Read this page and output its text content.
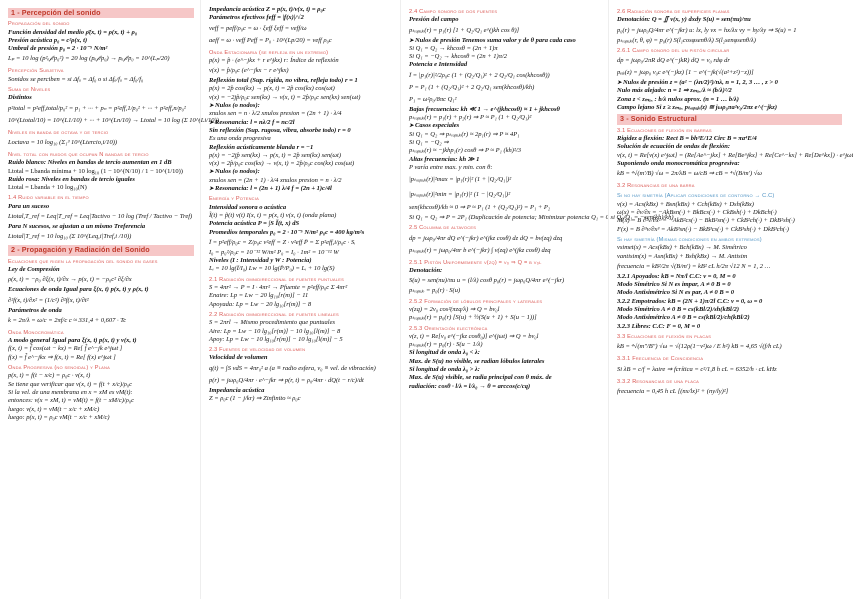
1 - Percepción del sonido
Propagación del sonido
Función densidad del medio ρ̄(x, t) = ρ(x, t) + ρ₀
Presión acústica p₀ = c²ρ(x, t)
Umbral de presión p₀ = 2 · 10⁻⁵ N/m²
Lₚ = 10 log (p²ₑ𝒻/p₀²) = 20 log (pₑ𝒻/p₀) → pₑ𝒻/p₀ = 10^(Lₚ/20)
Percepción Subjetiva
Sonidos se perciben = si Δfₐ = Δf₀ o si Δfₐ/fₐ = Δf₀/f₀
Suma de Niveles
Distintos
p²total = p²eff,total/p₀² = p₁ + ··· + pₙ = p²eff,1/p₀² + ··· + p²eff,n/p₀²
10^(Ltotal/10) = 10^(L1/10) + ··· + 10^(Ln/10) → Ltotal = 10 log (Σ 10^(Li/10))
Niveles en banda de octava y de tercio
Loctava = 10 log₁₀ (Σ₁³ 10^(Ltercio,i/10))
Nivel total con ruidos que ocupan N bandas de tercio
Ruido blanco: Niveles en bandas de tercio aumentan en 1 dB
Ltotal = Lbanda mínima + 10 log₁₀ (1 − 10^(N/10) / 1 − 10^(1/10))
Ruido rosa: Niveles en bandas de tercio iguales
Ltotal = Lbanda + 10 log₁₀(N)
1.4 Ruido variable en el tiempo
Para un suceso
Ltotal,T_ref = Leq|T_ref = Leq|Tactivo − 10 log (Tref / Tactivo − Tref)
Para N sucesos, se ajustan a un mismo Treferencia
Ltotal|T_ref = 10 log₁₀ (Σ 10^(Leq,i|Tref,i /10))
2 - Propagación y Radiación del Sonido
Ecuaciones que rigen la propagación del sonido en gases
Ley de Compresión
ρ(x, t) = −ρ₀ ∂ξ(x, t)/∂x → p(x, t) = −ρ₀c² ∂ξ/∂x
Ecuaciones de onda Igual para ξ(x, t) p(x, t) y ρ(x, t)
∂²f(x, t)/∂x² = (1/c²) ∂²f(x, t)/∂t²
Parámetros de onda
k = 2π/λ = ω/c = 2πf/c c ≈ 331,4 + 0,607 · Tc
Onda Monocromática
A modo general Igual para ξ(x, t) p(x, t) y v(x, t)
f(x, t) = f̂ cos(ωt − kx) = Re[ f̂ e^−jk e^jωt ]
f(x) = f̂ e^−jkx ⇒ f(x, t) = Re[ f(x) e^jωt ]
Onda Progresiva (no senoidal) y Plana
p(x, t) = f(t − x/c) = ρ₀c · v(x, t)
Se tiene que verificar que v(x, t) = f(t + x/c)/ρ₀c
Si la vel. de una membrana en x = xM es vM(t):
entonces: v(x = xM, t) = vM(t) = f(t − xM/c)/ρ₀c
luego: v(x, t) = vM(t − x/c + xM/c)
luego: p(x, t) = ρ₀c vM(t − x/c + xM/c)
Impedancia acústica Z = p(x, t)/v(x, t) = ρ₀c
Parámetros efectivos feff = |f(x)|/√2
veff = peff/ρ₀c = ω · ξeff ξeff = veff/ω
aeff = ω · veff Peff = P₀ · 10^(Lp/20) = veff ρ₀c
Onda Estacionaria (se refleja en un extremo)
p(x) = p̂ · (e^−jkx + r e^jkx) r: Índice de reflexión
v(x) = p̂/ρ₀c (e^−jkx − r e^jkx)
Reflexión total (Sup. rígida, no vibra, refleja todo) r = 1
p(x) = 2p̂ cos(kx) → p(x, t) = 2p̂ cos(kx) cos(ωt)
v(x) = −2jp̂/ρ₀c sen(kx) → v(x, t) = 2p̂/ρ₀c sen(kx) sen(ωt)
➤ Nulos (o nodos):
xnulos sen = n · λ/2 xnulos presion = (2n + 1) · λ/4
➤ Resonancia: l = nλ/2 f = nc/2l
Sin reflexión (Sup. rugosa, vibra, absorbe todo) r = 0
Es una onda progresiva
Reflexión acústicamente blanda r = −1
p(x) = −2jp̂ sen(kx) → p(x, t) = 2p̂ sen(kx) sen(ωt)
v(x) = 2p̂/ρ₀c cos(kx) → v(x, t) = 2p̂/ρ₀c cos(kx) cos(ωt)
➤ Nulos (o nodos):
xnulos sen = (2n + 1) · λ/4 xnulos presion = n · λ/2
➤ Resonancia: l = (2n + 1) λ/4 f = (2n + 1)c/4l
Energía y Potencia
Intensidad sonora o acústica
Ĩ(t) = p̃(t) v(t) I(x, t) = p(x, t) v(x, t) (onda plana)
Potencia acústica P = ∫S Ĩ(t, x) dS
Promedios temporales p₀ = 2 · 10⁻⁵ N/m² ρ₀c = 400 kg/m²s
Ī = p²eff/ρ₀c = Z/ρ₀c v²eff = Z · v²eff P̄ = Σ p²eff,i/ρ₀c · Sᵢ
I₀ = p₀²/ρ₀c = 10⁻¹² W/m² P₀ = I₀ · 1m² = 10⁻¹² W
Niveles (I : Intensidad y W : Potencia)
Lᵢ = 10 lg(Ī/I₀) Lw = 10 lg(P̄/P₀) = Lᵢ + 10 lg(S)
2.1 Radiación omnidireccional de fuentes puntuales
S = 4πr² → P = I · 4πr² → Pfuente = p²eff/ρ₀c Σ 4πr²
Enaire: Lp = Lw − 20 lg₁₀[r(m)] − 11
Apoyada: Lp = Lw − 20 lg₁₀[r(m)] − 8
2.2 Radiación omnidireccional de fuentes lineales
S = 2πrl → Mismo procedimiento que puntuales
Aire: Lp = Lw − 10 lg₁₀[r(m)] − 10 lg₁₀[l(m)] − 8
Apoy: Lp = Lw − 10 lg₁₀[r(m)] − 10 lg₁₀[l(m)] − 5
2.3 Fuentes de velocidad de volumen
Velocidad de volumen
q(t) = ∫S vdS = 4πr₀² a (a ≡ radio esfera, v₀ ≡ vel. de vibración)
p(r) = jωρ₀Q/4πr · e^−jkr ⇒ p(r, t) = ρ₀/4πr · dQ(t − r/c)/dt
Impedancia acústica
Z = ρ₀c (1 − j/kr) ⇒ Zinfinito ≈ ρ₀c
2.4 Campo sonoro de dos fuentes
Presión del campo
pₜᵣₐᵦₐⱼₒ(r) = p₁(r) [1 + Q₂/Q₁ e^(jkh cos θ)]
➤ Nulos de presión Tenemos suma valor y de θ para cada caso
Si Q₁ = Q₂ → khcosθ = (2n + 1)π
Si Q₁ = −Q₂ → khcosθ = (2n + 1)π/2
Potencia e Intensidad
Ī = |p₁(r)|²/2ρ₀c (1 + (Q₂/Q₁)² + 2 Q₂/Q₁ cos(khcosθ))
P = P₁ (1 + (Q₂/Q₁)² + 2 Q₂/Q₁ sen(khcosθ)/kh)
P₁ = ω²ρ₀/8πc Q₁²
Bajas frecuencias: kh ≪ 1 → e^(jkhcosθ) ≈ 1 + jkhcosθ
pₜᵣₐᵦₐⱼₒ(r) = p₁(r) + p₂(r) ⇒ P ≈ P₁ (1 + Q₂/Q₁)²
➤ Casos especiales
Si Q₁ = Q₂ ⇒ pₜᵣₐᵦₐⱼₒ(r) ≈ 2p₁(r) ⇒ P ≈ 4P₁
Si Q₁ = −Q₂ ⇒
pₜᵣₐᵦₐⱼₒ(r) ≈ −jkhp₁(r) cosθ ⇒ P ≈ P₁ (kh)²/3
Altas frecuencias: kh ≫ 1
P varía entre max. y min. con θ:
|pₜᵣₐᵦₐⱼₒ(r)|²max = |p₁(r)|² (1 + |Q₂/Q₁|)²
|pₜᵣₐᵦₐⱼₒ(r)|²min = |p₁(r)|² (1 − |Q₂/Q₁|)²
sen(khcosθ)/kh ≈ 0 ⇒ P ≈ P₁ (1 + (Q₂/Q₁)²) = P₁ + P₂
Si Q₁ = Q₂ ⇒ P = 2P₁ (Duplicación de potencia; Minimizar potencia Q₁ = 0 si Q₂/Q₁ = −sen(kh)/kh)
2.5 Columna de altavoces
dp = jωρ₀/4πr dQ e^(−jkr) e^(jkz cosθ) dz dQ = bv(zq) dzq
pₜᵣₐᵦₐⱼₒ(r) = jωρ₀/4πr b e^(−jkr) ∫ v(zq) e^(jkz cosθ) dzq
2.5.1 Pistón Uniformemente v(zq) = v₀ ⇒ Q = b v₀l
Denotación:
S(u) = sen(πu)/πu u = (l/λ) cosθ p₀(r) = jωρ₀Q/4πr e^(−jkr)
pₜᵣₐᵦₐⱼₒ = p₀(r) · S(u)
2.5.2 Formación de lóbulos principales y laterales
v(zq) = 2v₀ cos²(πzq/λ) ⇒ Q = bv₀l
pₜᵣₐᵦₐⱼₒ(r) = p₀(r) [S(u) + ½(S(u + 1) + S(u − 1))]
2.5.3 Orientación electrónica
v(z, t) = Re[v₀ e^(−jkz cosθ₀)] e^(jωt) ⇒ Q = bv₀l
pₜᵣₐᵦₐⱼₒ(r) = p₀(r) · S(u − 1/λ)
Si longitud de onda λ₀ < λ:
Max. de S(u) no visible, se radian lóbulos laterales
Si longitud de onda λ₀ > λ:
Max. de S(u) visible, se radia principal con θ máx. de
radiación: cosθ · l/λ = l/λ₀ → θ = arccos(c/cq)
2.6 Radiación sonora de superficies planas
Denotación: Q = ∬ v(x, y) dxdy S(u) = sen(πu)/πu
p₀(r) = jωρ₀Q/4πr e^(−jkr) u: lx, ly vx = hx/λx vy = hy/λy ⇒ S(u) = 1
pₜᵣₐᵦₐⱼₒ(r, θ, φ) = p₀(r) S(l₁cosφsenθ/λ) S(l₂senφsenθ/λ)
2.6.1 Campo sonoro del un pistón circular
dp = jωρ₀/2πR dQ e^(−jkR) dQ = v₀ rdφ dr
pₑⱼₑ(z) = jωρ₀ v₀c e^(−jkz) [1 − e^(−jk(√(a²+z²)−z))]
➤ Nulos de presión z = (a² − (λn/2)²)/nλ, n = 1, 2, 3 … , z > 0
Nulo más alejado: n = 1 ⇒ zₘₐₓ/λ ≈ (b/λ)²/2
Zona z < zₘₐₓ : b/λ nulos aprox. (n = 1 … b/λ)
Campo lejano Si z ≥ zₘₐₓ pₜᵣₐᵦₐⱼₒ(z) ≅ jωρ₀πa²v₀/2πz e^(−jkz)
3 - Sonido Estructural
3.1 Ecuaciones de flexión en barras
Rigidez a flexión: Rect B = bh³E/12 Circ B = πa⁴E/4
Solución de ecuación de ondas de flexión:
v(x, t) = Re[v(x) e^jωt] = (Re[Ae^−jkx] + Re[Be^jkx] + Re[Ce^−kx] + Re[De^kx]) · e^jωt
Suponiendo onda monocromática progresiva:
kB = ⁴√(m′/B) √ω = 2π/λB = ω/cB ⇒ cB = ⁴√(B/m′) √ω
3.2 Resonancias de una barra
Si no hay simetría (Aplicar condiciones de contorno → C.C)
v(x) = Acs(kBx) + Bsn(kBx) + Cch(kBx) + Dsh(kBx)
ω(x) = ∂v/∂x = −AkBsn(·) + BkBcs(·) + CkBsh(·) + DkBch(·)
M(x) = B ∂²v/∂x² = −AkB²cs(·) − BkB²sn(·) + CkB²ch(·) + DkB²sh(·)
F(x) = B ∂³v/∂x³ = AkB³sn(·) − BkB³cs(·) + CkB³sh(·) + DkB³ch(·)
Si hay simetría (Mismas condiciones en ambos extremos)
vsimet(x) = Acs(kBx) + Bch(kBx) → M. Simétrico
vantisim(x) = Asn(kBx) + Bsh(kBx) → M. Antisim
frecuencia = kB²/2π √(B/m′) = kB² cL h/2π √12 N = 1, 2 …
3.2.1 Apoyados: kB = Nπ/l C.C: v = 0, M = 0
Modo Simétrico Si N es impar, A ≠ 0 B = 0
Modo Antisimétrico Si N es par, A ≠ 0 B = 0
3.2.2 Empotrados: kB = (2N + 1)π/2l C.C: v = 0, ω = 0
Modo Simétrico A ≠ 0 B = cs(kBl/2)/sh(kBl/2)
Modo Antisimétrico A ≠ 0 B = cs(kBl/2)/ch(kBl/2)
3.2.3 Libres: C.C: F = 0, M = 0
3.3 Ecuaciones de flexión en placas
kB = ⁴√(m″/B″) √ω = √(12ρ(1−ν²)ω / E h²) kB = 4,65 √(f/h cL)
3.3.1 Frecuencia de Coincidencia
Si λB = c/f = λaire ⇒ fcrítica = c²/1,8 h cL = 6352/h · cL kHz
3.3.2 Resonancias de una placa
frecuencia = 0,45 h cL [(nx/lx)² + (ny/ly)²]
